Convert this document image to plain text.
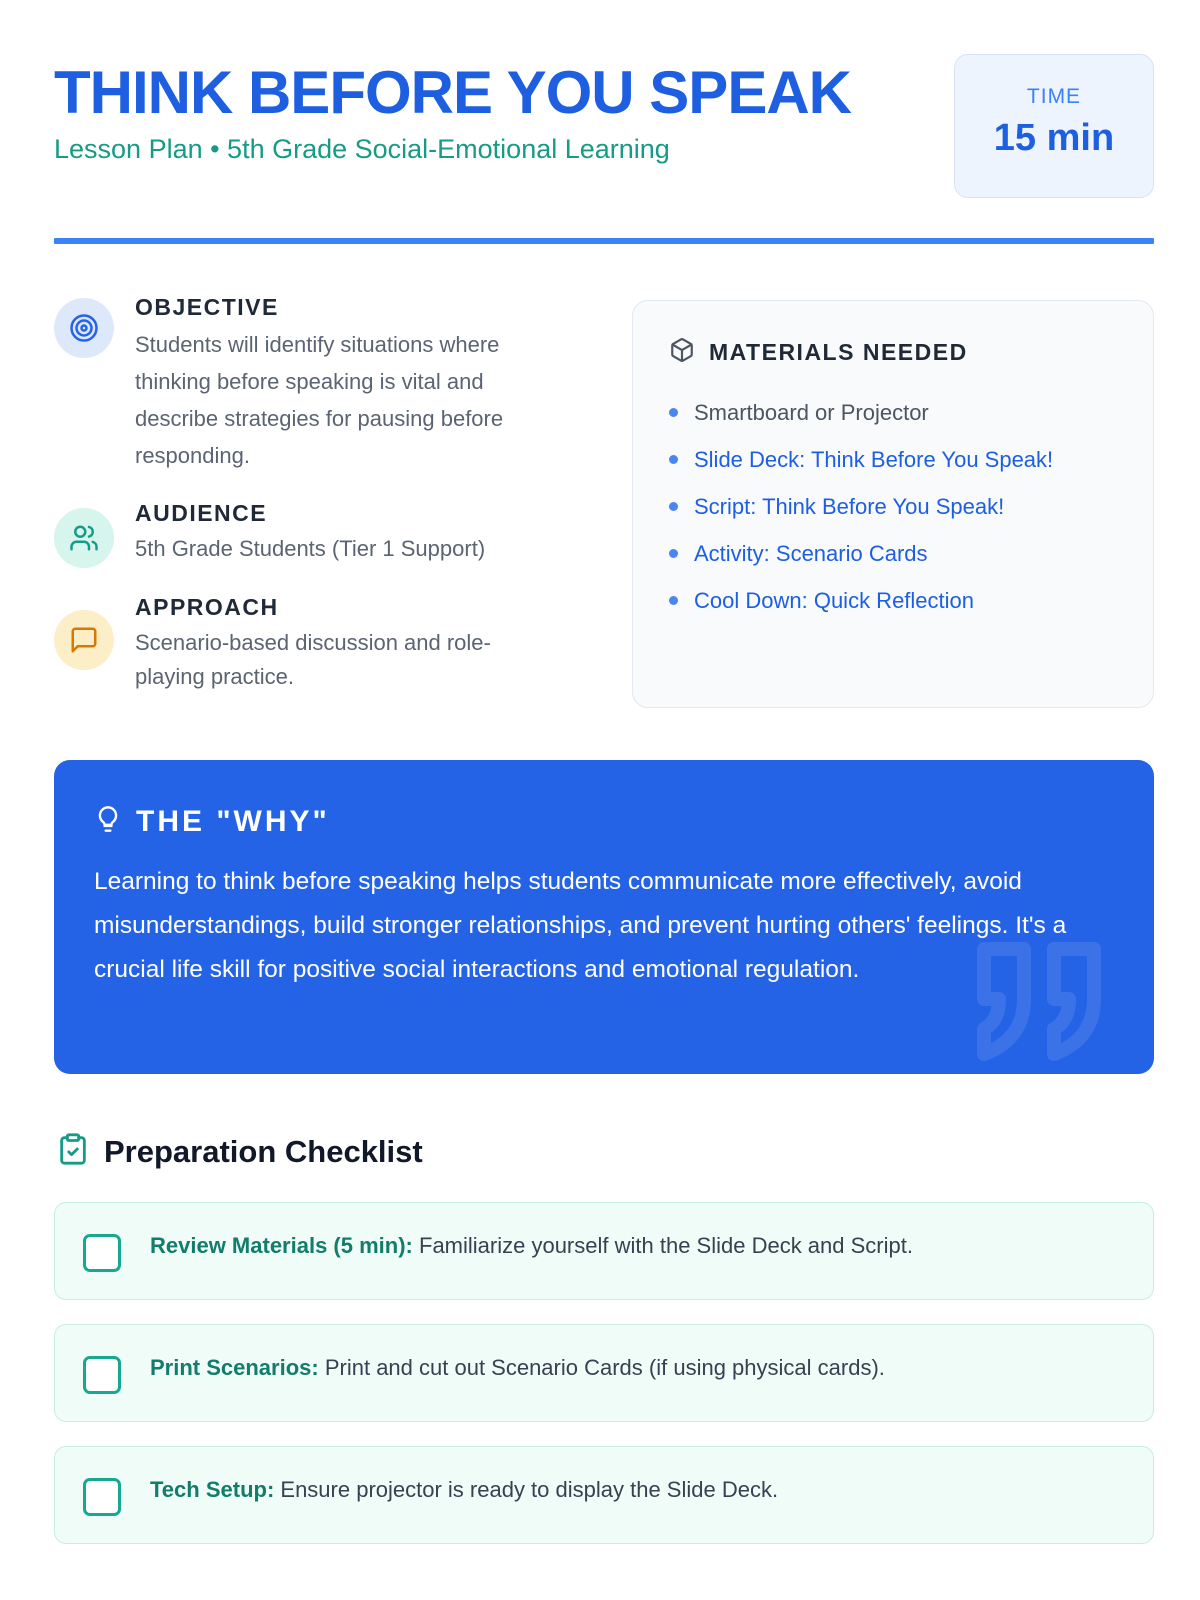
THINK BEFORE YOU SPEAK
Lesson Plan • 5th Grade Social-Emotional Learning
TIME
15 min
OBJECTIVE
Students will identify situations where thinking before speaking is vital and describe strategies for pausing before responding.
AUDIENCE
5th Grade Students (Tier 1 Support)
APPROACH
Scenario-based discussion and role-playing practice.
MATERIALS NEEDED
Smartboard or Projector
Slide Deck: Think Before You Speak!
Script: Think Before You Speak!
Activity: Scenario Cards
Cool Down: Quick Reflection
THE "WHY"

Learning to think before speaking helps students communicate more effectively, avoid misunderstandings, build stronger relationships, and prevent hurting others' feelings. It's a crucial life skill for positive social interactions and emotional regulation.

Preparation Checklist
Review Materials (5 min): Familiarize yourself with the Slide Deck and Script.
Print Scenarios: Print and cut out Scenario Cards (if using physical cards).
Tech Setup: Ensure projector is ready to display the Slide Deck.
